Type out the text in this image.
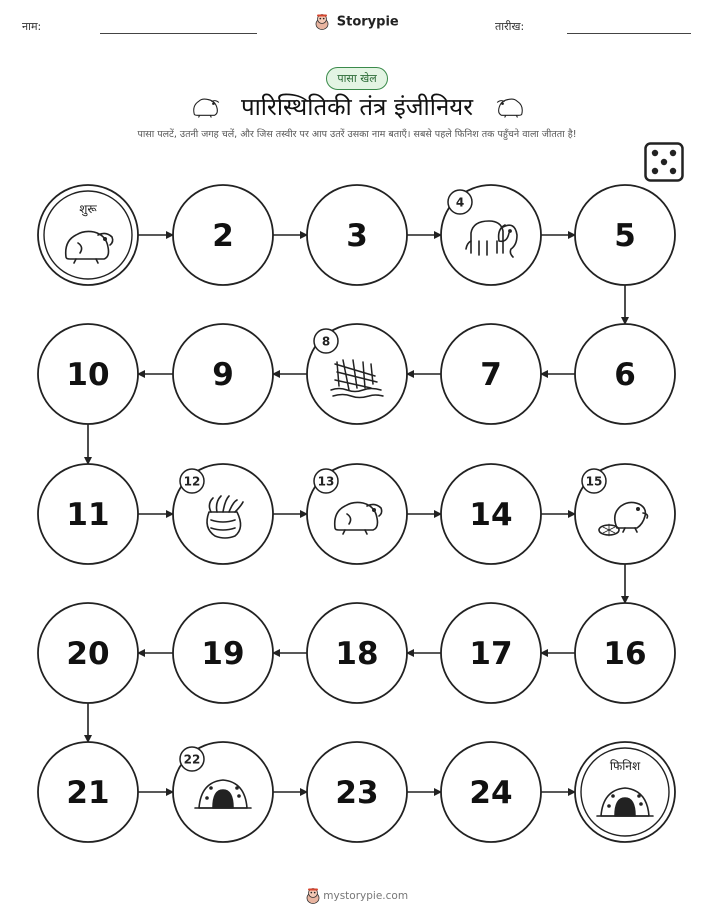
नाम:	Storypie	तारीख:
पासा खेल
पारिस्थितिकी तंत्र इंजीनियर
पासा पलटें, उतनी जगह चलें, और जिस तस्वीर पर आप उतरें उसका नाम बताएँ। सबसे पहले फिनिश तक पहुँचने वाला जीतता है!
शुरू
2	3
4
5
6
7
8
9
10
11
12	13
14
15
16
17
18
19
20
21
22
23	24
फिनिश
mystorypie.com
